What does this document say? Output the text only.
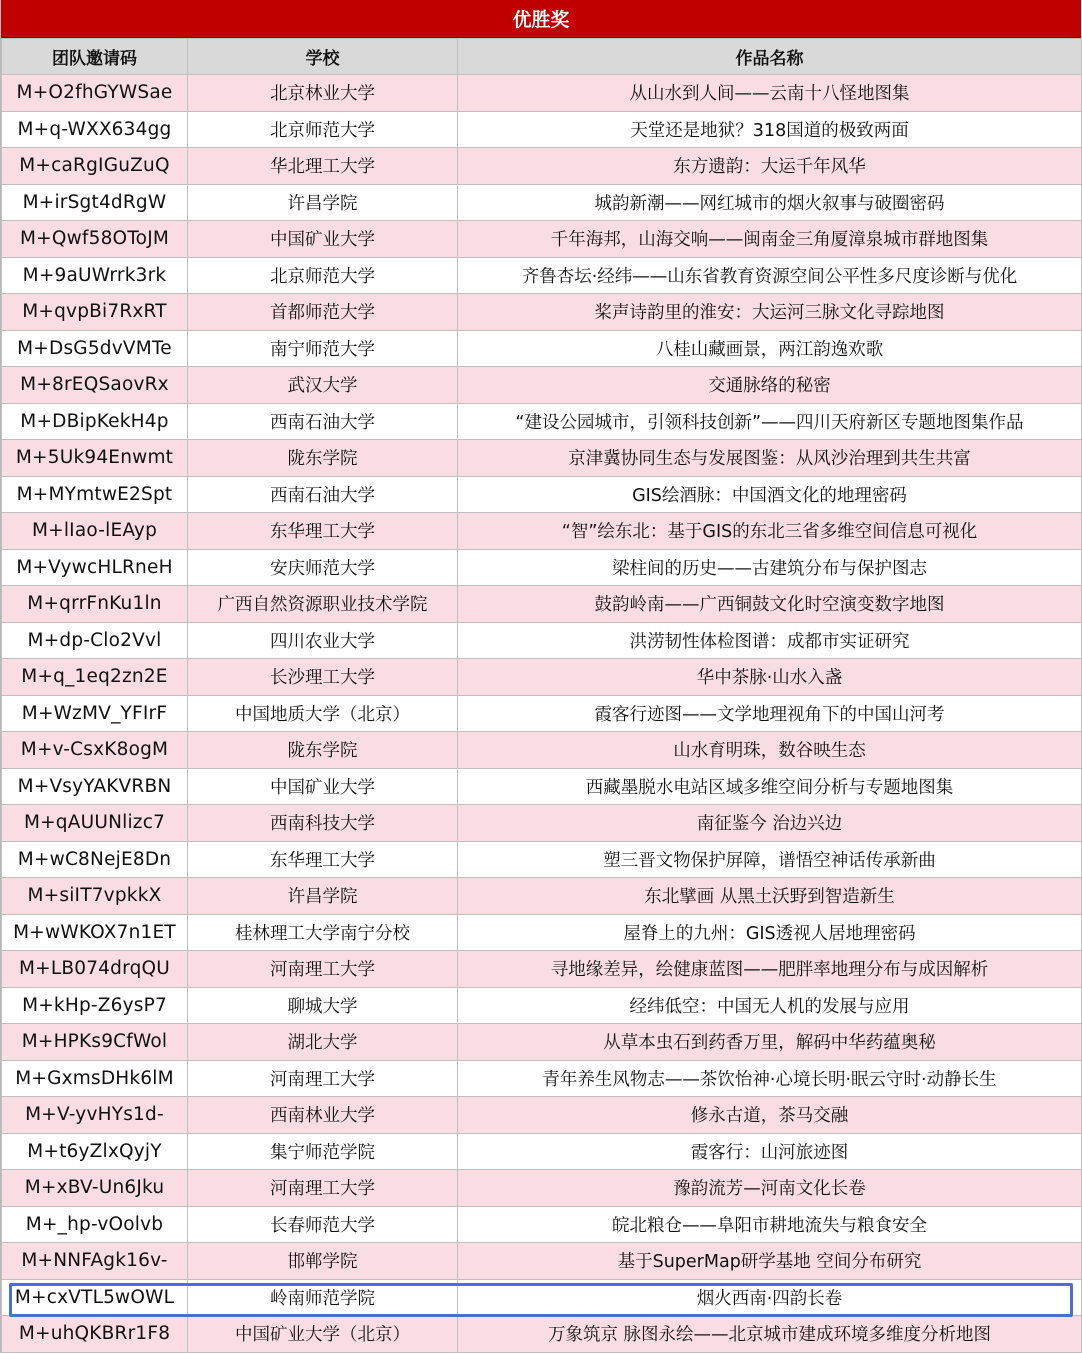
优胜奖
团队邀请码	学校	作品名称
M+O2fhGYWSae	北京林业大学	从山水到人间——云南十八怪地图集
M+q-WXX634gg	北京师范大学	天堂还是地狱？318国道的极致两面
M+caRgIGuZuQ	华北理工大学	东方遗韵：大运千年风华
M+irSgt4dRgW	许昌学院	城韵新潮——网红城市的烟火叙事与破圈密码
M+Qwf58OToJM	中国矿业大学	千年海邦，山海交响——闽南金三角厦漳泉城市群地图集
M+9aUWrrk3rk	北京师范大学	齐鲁杏坛·经纬——山东省教育资源空间公平性多尺度诊断与优化
M+qvpBi7RxRT	首都师范大学	桨声诗韵里的淮安：大运河三脉文化寻踪地图
M+DsG5dvVMTe	南宁师范大学	八桂山藏画景，两江韵逸欢歌
M+8rEQSaovRx	武汉大学	交通脉络的秘密
M+DBipKekH4p	西南石油大学	“建设公园城市，引领科技创新”——四川天府新区专题地图集作品
M+5Uk94Enwmt	陇东学院	京津冀协同生态与发展图鉴：从风沙治理到共生共富
M+MYmtwE2Spt	西南石油大学	GIS绘酒脉：中国酒文化的地理密码
M+lIao-lEAyp	东华理工大学	“智”绘东北：基于GIS的东北三省多维空间信息可视化
M+VywcHLRneH	安庆师范大学	梁柱间的历史——古建筑分布与保护图志
M+qrrFnKu1ln	广西自然资源职业技术学院	鼓韵岭南——广西铜鼓文化时空演变数字地图
M+dp-Clo2Vvl	四川农业大学	洪涝韧性体检图谱：成都市实证研究
M+q_1eq2zn2E	长沙理工大学	华中茶脉·山水入盏
M+WzMV_YFIrF	中国地质大学（北京）	霞客行迹图——文学地理视角下的中国山河考
M+v-CsxK8ogM	陇东学院	山水育明珠，数谷映生态
M+VsyYAKVRBN	中国矿业大学	西藏墨脱水电站区域多维空间分析与专题地图集
M+qAUUNlizc7	西南科技大学	南征鉴今 治边兴边
M+wC8NejE8Dn	东华理工大学	塑三晋文物保护屏障，谱悟空神话传承新曲
M+siIT7vpkkX	许昌学院	东北擘画 从黑土沃野到智造新生
M+wWKOX7n1ET	桂林理工大学南宁分校	屋脊上的九州：GIS透视人居地理密码
M+LB074drqQU	河南理工大学	寻地缘差异，绘健康蓝图——肥胖率地理分布与成因解析
M+kHp-Z6ysP7	聊城大学	经纬低空：中国无人机的发展与应用
M+HPKs9CfWol	湖北大学	从草本虫石到药香万里，解码中华药蕴奥秘
M+GxmsDHk6lM	河南理工大学	青年养生风物志——茶饮怡神·心境长明·眠云守时·动静长生
M+V-yvHYs1d-	西南林业大学	修永古道，茶马交融
M+t6yZlxQyjY	集宁师范学院	霞客行：山河旅迹图
M+xBV-Un6Jku	河南理工大学	豫韵流芳—河南文化长卷
M+_hp-vOolvb	长春师范大学	皖北粮仓——阜阳市耕地流失与粮食安全
M+NNFAgk16v-	邯郸学院	基于SuperMap研学基地 空间分布研究
M+cxVTL5wOWL	岭南师范学院	烟火西南·四韵长卷
M+uhQKBRr1F8	中国矿业大学（北京）	万象筑京 脉图永绘——北京城市建成环境多维度分析地图
